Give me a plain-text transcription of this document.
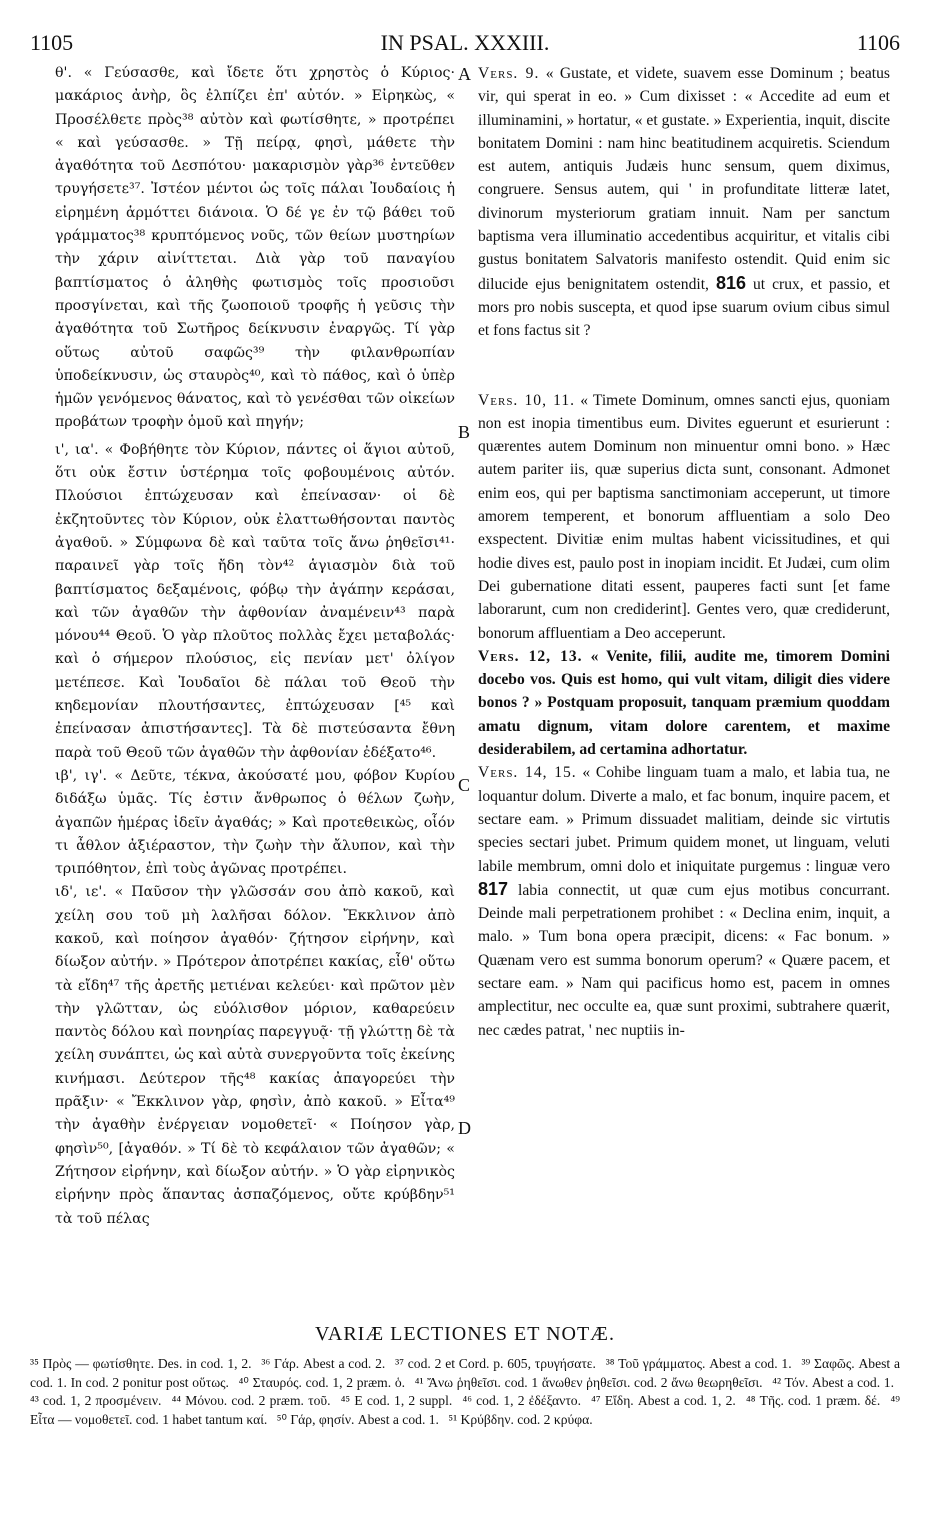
1105	IN PSAL. XXXIII.	1106
A
B
C
D

θ'. « Γεύσασθε, καὶ ἴδετε ὅτι χρηστὸς ὁ Κύριος· μακάριος ἀνὴρ, ὃς ἐλπίζει ἐπ' αὐτόν. » Εἰρηκὼς, « Προσέλθετε πρὸς³⁸ αὐτὸν καὶ φωτίσθητε, » προτρέπει « καὶ γεύσασθε. » Τῇ πείρᾳ, φησὶ, μάθετε τὴν ἀγαθότητα τοῦ Δεσπότου· μακαρισμὸν γὰρ³⁶ ἐντεῦθεν τρυγήσετε³⁷. Ἰστέον μέντοι ὡς τοῖς πάλαι Ἰουδαίοις ἡ εἰρημένη ἁρμόττει διάνοια. Ὁ δέ γε ἐν τῷ βάθει τοῦ γράμματος³⁸ κρυπτόμενος νοῦς, τῶν θείων μυστηρίων τὴν χάριν αἰνίττεται. Διὰ γὰρ τοῦ παναγίου βαπτίσματος ὁ ἀληθὴς φωτισμὸς τοῖς προσιοῦσι προσγίνεται, καὶ τῆς ζωοποιοῦ τροφῆς ἡ γεῦσις τὴν ἀγαθότητα τοῦ Σωτῆρος δείκνυσιν ἐναργῶς. Τί γὰρ οὕτως αὐτοῦ σαφῶς³⁹ τὴν φιλανθρωπίαν ὑποδείκνυσιν, ὡς σταυρὸς⁴⁰, καὶ τὸ πάθος, καὶ ὁ ὑπὲρ ἡμῶν γενόμενος θάνατος, καὶ τὸ γενέσθαι τῶν οἰκείων προβάτων τροφὴν ὁμοῦ καὶ πηγήν;

ι', ια'. « Φοβήθητε τὸν Κύριον, πάντες οἱ ἅγιοι αὐτοῦ, ὅτι οὐκ ἔστιν ὑστέρημα τοῖς φοβουμένοις αὐτόν. Πλούσιοι ἐπτώχευσαν καὶ ἐπείνασαν· οἱ δὲ ἐκζητοῦντες τὸν Κύριον, οὐκ ἐλαττωθήσονται παντὸς ἀγαθοῦ. » Σύμφωνα δὲ καὶ ταῦτα τοῖς ἄνω ῥηθεῖσι⁴¹· παραινεῖ γὰρ τοῖς ἤδη τὸν⁴² ἁγιασμὸν διὰ τοῦ βαπτίσματος δεξαμένοις, φόβῳ τὴν ἀγάπην κεράσαι, καὶ τῶν ἀγαθῶν τὴν ἀφθονίαν ἀναμένειν⁴³ παρὰ μόνου⁴⁴ Θεοῦ. Ὁ γὰρ πλοῦτος πολλὰς ἔχει μεταβολάς· καὶ ὁ σήμερον πλούσιος, εἰς πενίαν μετ' ὀλίγον μετέπεσε. Καὶ Ἰουδαῖοι δὲ πάλαι τοῦ Θεοῦ τὴν κηδεμονίαν πλουτήσαντες, ἐπτώχευσαν [⁴⁵ καὶ ἐπείνασαν ἀπιστήσαντες]. Τὰ δὲ πιστεύσαντα ἔθνη παρὰ τοῦ Θεοῦ τῶν ἀγαθῶν τὴν ἀφθονίαν ἐδέξατο⁴⁶.

ιβ', ιγ'. « Δεῦτε, τέκνα, ἀκούσατέ μου, φόβον Κυρίου διδάξω ὑμᾶς. Τίς ἐστιν ἄνθρωπος ὁ θέλων ζωὴν, ἀγαπῶν ἡμέρας ἰδεῖν ἀγαθάς; » Καὶ προτεθεικὼς, οἷόν τι ἆθλον ἀξιέραστον, τὴν ζωὴν τὴν ἄλυπον, καὶ τὴν τριπόθητον, ἐπὶ τοὺς ἀγῶνας προτρέπει.

ιδ', ιε'. « Παῦσον τὴν γλῶσσάν σου ἀπὸ κακοῦ, καὶ χείλη σου τοῦ μὴ λαλῆσαι δόλον. Ἔκκλινον ἀπὸ κακοῦ, καὶ ποίησον ἀγαθόν· ζήτησον εἰρήνην, καὶ δίωξον αὐτήν. » Πρότερον ἀποτρέπει κακίας, εἶθ' οὕτω τὰ εἴδη⁴⁷ τῆς ἀρετῆς μετιέναι κελεύει· καὶ πρῶτον μὲν τὴν γλῶτταν, ὡς εὐόλισθον μόριον, καθαρεύειν παντὸς δόλου καὶ πονηρίας παρεγγυᾷ· τῇ γλώττῃ δὲ τὰ χείλη συνάπτει, ὡς καὶ αὐτὰ συνεργοῦντα τοῖς ἐκείνης κινήμασι. Δεύτερον τῆς⁴⁸ κακίας ἀπαγορεύει τὴν πρᾶξιν· « Ἔκκλινον γὰρ, φησὶν, ἀπὸ κακοῦ. » Εἶτα⁴⁹ τὴν ἀγαθὴν ἐνέργειαν νομοθετεῖ· « Ποίησον γὰρ, φησὶν⁵⁰, [ἀγαθόν. » Τί δὲ τὸ κεφάλαιον τῶν ἀγαθῶν; « Ζήτησον εἰρήνην, καὶ δίωξον αὐτήν. » Ὁ γὰρ εἰρηνικὸς εἰρήνην πρὸς ἅπαντας ἀσπαζόμενος, οὔτε κρύβδην⁵¹ τὰ τοῦ πέλας

Vers. 9. « Gustate, et videte, suavem esse Dominum ; beatus vir, qui sperat in eo. » Cum dixisset : « Accedite ad eum et illuminamini, » hortatur, « et gustate. » Experientia, inquit, discite bonitatem Domini : nam hinc beatitudinem acquiretis. Sciendum est autem, antiquis Judæis hunc sensum, quem diximus, congruere. Sensus autem, qui ' in profunditate litteræ latet, divinorum mysteriorum gratiam innuit. Nam per sanctum baptisma vera illuminatio accedentibus acquiritur, et vitalis cibi gustus bonitatem Salvatoris manifesto ostendit. Quid enim sic dilucide ejus benignitatem ostendit, 816 ut crux, et passio, et mors pro nobis suscepta, et quod ipse suarum ovium cibus simul et fons factus sit ?

Vers. 10, 11. « Timete Dominum, omnes sancti ejus, quoniam non est inopia timentibus eum. Divites eguerunt et esurierunt : quærentes autem Dominum non minuentur omni bono. » Hæc autem pariter iis, quæ superius dicta sunt, consonant. Admonet enim eos, qui per baptisma sanctimoniam acceperunt, ut timore amorem temperent, et bonorum affluentiam a solo Deo exspectent. Divitiæ enim multas habent vicissitudines, et qui hodie dives est, paulo post in inopiam incidit. Et Judæi, cum olim Dei gubernatione ditati essent, pauperes facti sunt [et fame laborarunt, cum non crediderint]. Gentes vero, quæ crediderunt, bonorum affluentiam a Deo acceperunt.

Vers. 12, 13. « Venite, filii, audite me, timorem Domini docebo vos. Quis est homo, qui vult vitam, diligit dies videre bonos ? » Postquam proposuit, tanquam præmium quoddam amatu dignum, vitam dolore carentem, et maxime desiderabilem, ad certamina adhortatur.

Vers. 14, 15. « Cohibe linguam tuam a malo, et labia tua, ne loquantur dolum. Diverte a malo, et fac bonum, inquire pacem, et sectare eam. » Primum dissuadet malitiam, deinde sic virtutis species sectari jubet. Primum quidem monet, ut linguam, veluti labile membrum, omni dolo et iniquitate purgemus : linguæ vero 817 labia connectit, ut quæ cum ejus motibus concurrant. Deinde mali perpetrationem prohibet : « Declina enim, inquit, a malo. » Tum bona opera præcipit, dicens: « Fac bonum. » Quænam vero est summa bonorum operum? « Quære pacem, et sectare eam. » Nam qui pacificus homo est, pacem in omnes amplectitur, nec occulte ea, quæ sunt proximi, subtrahere quærit, nec cædes patrat, ' nec nuptiis in-

VARIÆ LECTIONES ET NOTÆ.
³⁵ Πρὸς — φωτίσθητε. Des. in cod. 1, 2. ³⁶ Γάρ. Abest a cod. 2. ³⁷ cod. 2 et Cord. p. 605, τρυγήσατε. ³⁸ Τοῦ γράμματος. Abest a cod. 1. ³⁹ Σαφῶς. Abest a cod. 1. In cod. 2 ponitur post οὕτως. ⁴⁰ Σταυρός. cod. 1, 2 præm. ὁ. ⁴¹ Ἄνω ῥηθεῖσι. cod. 1 ἄνωθεν ῥηθεῖσι. cod. 2 ἄνω θεωρηθεῖσι. ⁴² Τόν. Abest a cod. 1. ⁴³ cod. 1, 2 προσμένειν. ⁴⁴ Μόνου. cod. 2 præm. τοῦ. ⁴⁵ E cod. 1, 2 suppl. ⁴⁶ cod. 1, 2 ἐδέξαντο. ⁴⁷ Εἴδη. Abest a cod. 1, 2. ⁴⁸ Τῆς. cod. 1 præm. δέ. ⁴⁹ Εἶτα — νομοθετεῖ. cod. 1 habet tantum καί. ⁵⁰ Γάρ, φησίν. Abest a cod. 1. ⁵¹ Κρύβδην. cod. 2 κρύφα.
